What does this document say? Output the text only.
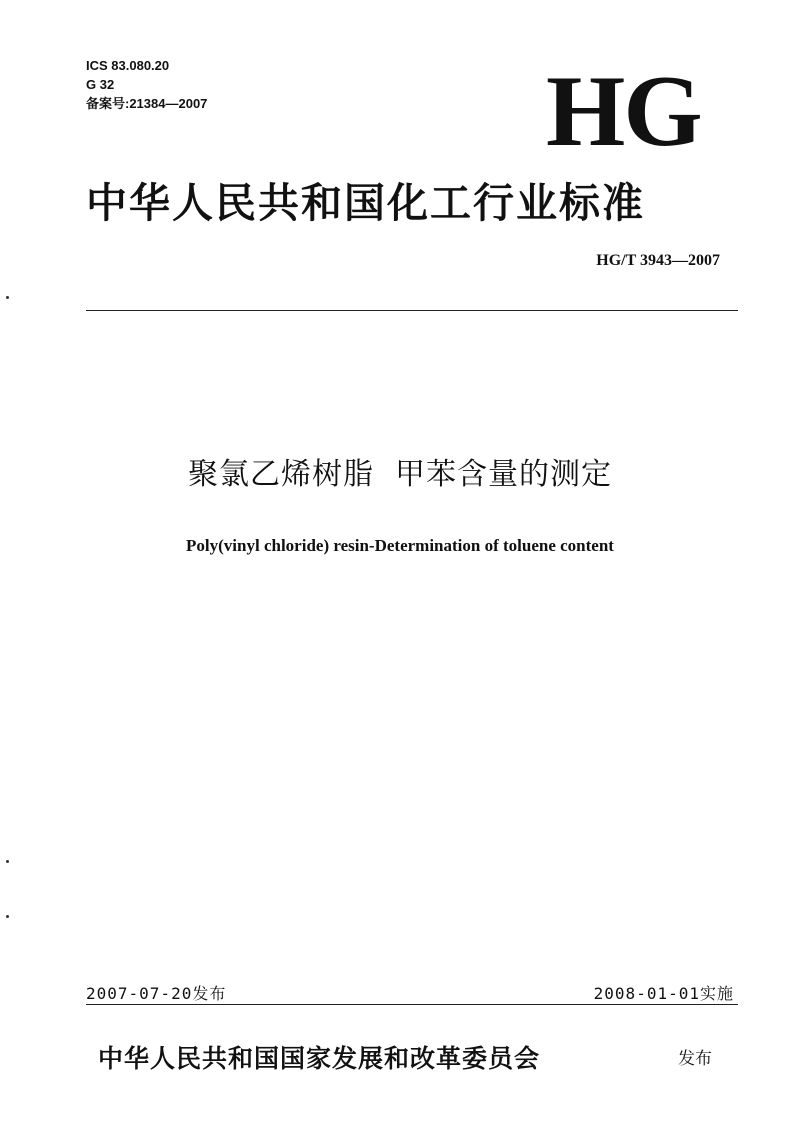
ICS 83.080.20
G 32
备案号:21384—2007	HG
中华人民共和国化工行业标准
HG/T 3943—2007
聚氯乙烯树脂  甲苯含量的测定
Poly(vinyl chloride) resin-Determination of toluene content
2007-07-20发布	2008-01-01实施
中华人民共和国国家发展和改革委员会	发布
